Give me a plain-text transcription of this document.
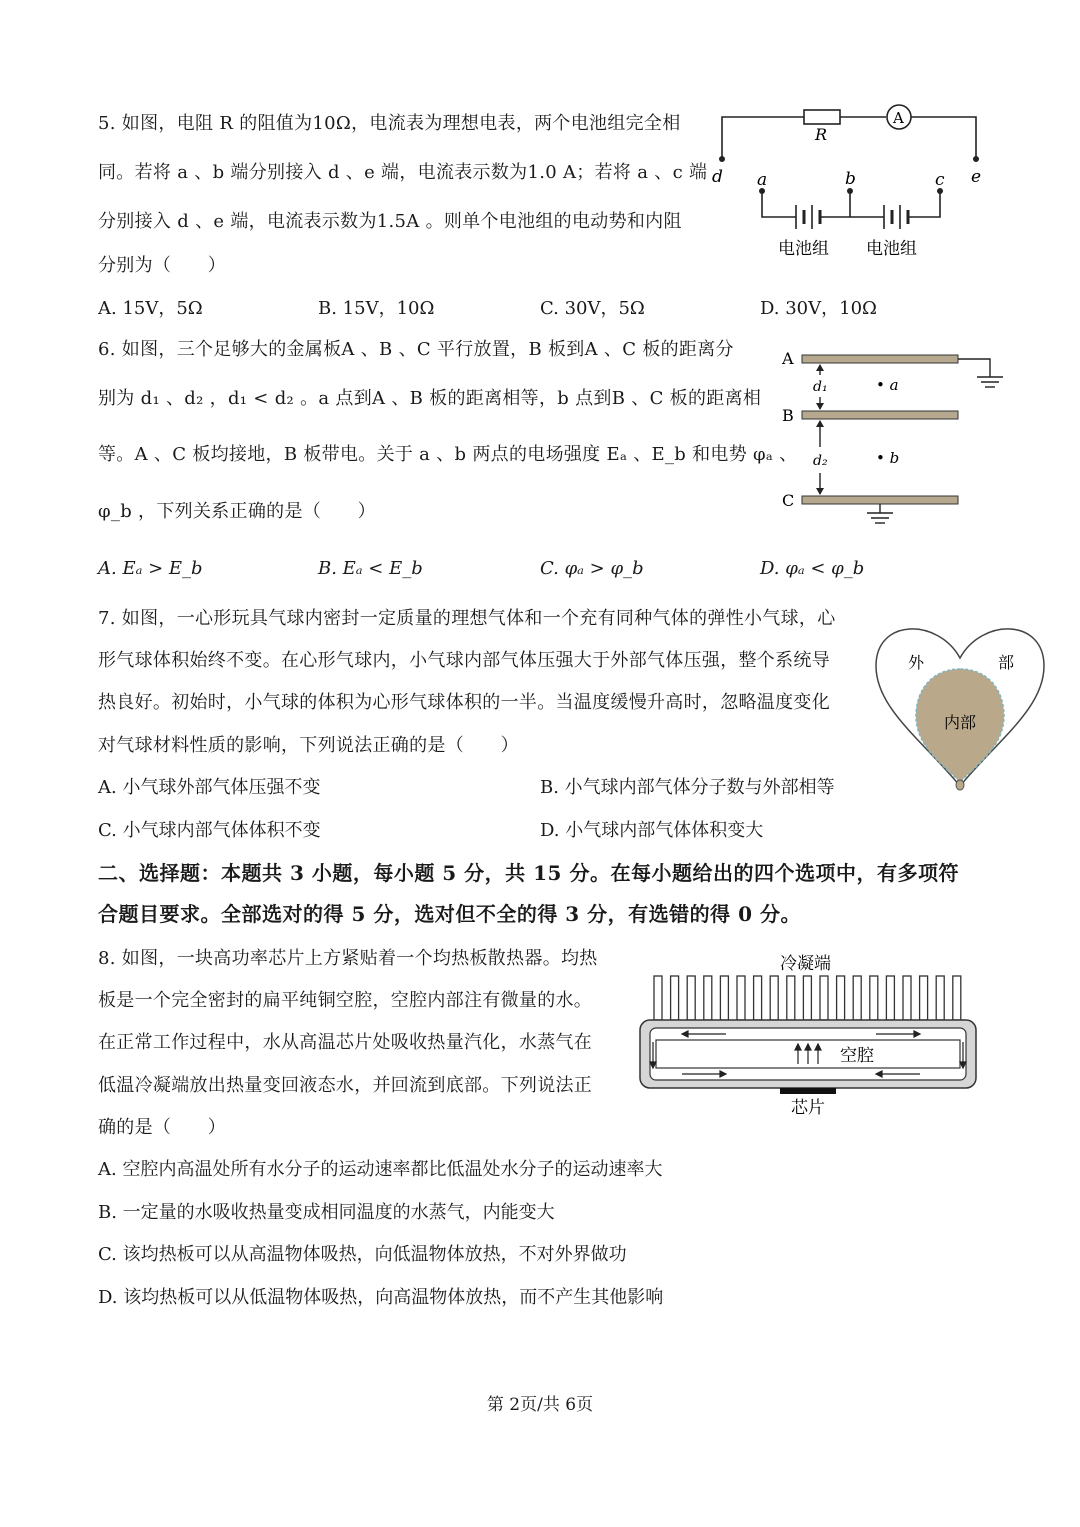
5. 如图，电阻 R 的阻值为10Ω，电流表为理想电表，两个电池组完全相
同。若将 a 、b 端分别接入 d 、e 端，电流表示数为1.0 A；若将 a 、c 端
分别接入 d 、e 端，电流表示数为1.5A 。则单个电池组的电动势和内阻
分别为（　　）
A. 15V，5Ω	B. 15V，10Ω	C. 30V，5Ω	D. 30V，10Ω
R
A
d	e
a	b	c
电池组 电池组
6. 如图，三个足够大的金属板A 、B 、C 平行放置，B 板到A 、C 板的距离分
别为 d₁ 、d₂ ，d₁ < d₂ 。a 点到A 、B 板的距离相等，b 点到B 、C 板的距离相
等。A 、C 板均接地，B 板带电。关于 a 、b 两点的电场强度 Eₐ 、E_b 和电势 φₐ 、
φ_b ，下列关系正确的是（　　）
A. Eₐ > E_b	B. Eₐ < E_b	C. φₐ > φ_b	D. φₐ < φ_b
A
B
C
d₁
d₂
• a
• b
7. 如图，一心形玩具气球内密封一定质量的理想气体和一个充有同种气体的弹性小气球，心
形气球体积始终不变。在心形气球内，小气球内部气体压强大于外部气体压强，整个系统导
热良好。初始时，小气球的体积为心形气球体积的一半。当温度缓慢升高时，忽略温度变化
对气球材料性质的影响，下列说法正确的是（　　）
A. 小气球外部气体压强不变	B. 小气球内部气体分子数与外部相等
C. 小气球内部气体体积不变	D. 小气球内部气体体积变大
外	部
内部
二、选择题：本题共 3 小题，每小题 5 分，共 15 分。在每小题给出的四个选项中，有多项符
合题目要求。全部选对的得 5 分，选对但不全的得 3 分，有选错的得 0 分。
8. 如图，一块高功率芯片上方紧贴着一个均热板散热器。均热
板是一个完全密封的扁平纯铜空腔，空腔内部注有微量的水。
在正常工作过程中，水从高温芯片处吸收热量汽化，水蒸气在
低温冷凝端放出热量变回液态水，并回流到底部。下列说法正
确的是（　　）
A. 空腔内高温处所有水分子的运动速率都比低温处水分子的运动速率大
B. 一定量的水吸收热量变成相同温度的水蒸气，内能变大
C. 该均热板可以从高温物体吸热，向低温物体放热，不对外界做功
D. 该均热板可以从低温物体吸热，向高温物体放热，而不产生其他影响
冷凝端
空腔
芯片
第 2页/共 6页
